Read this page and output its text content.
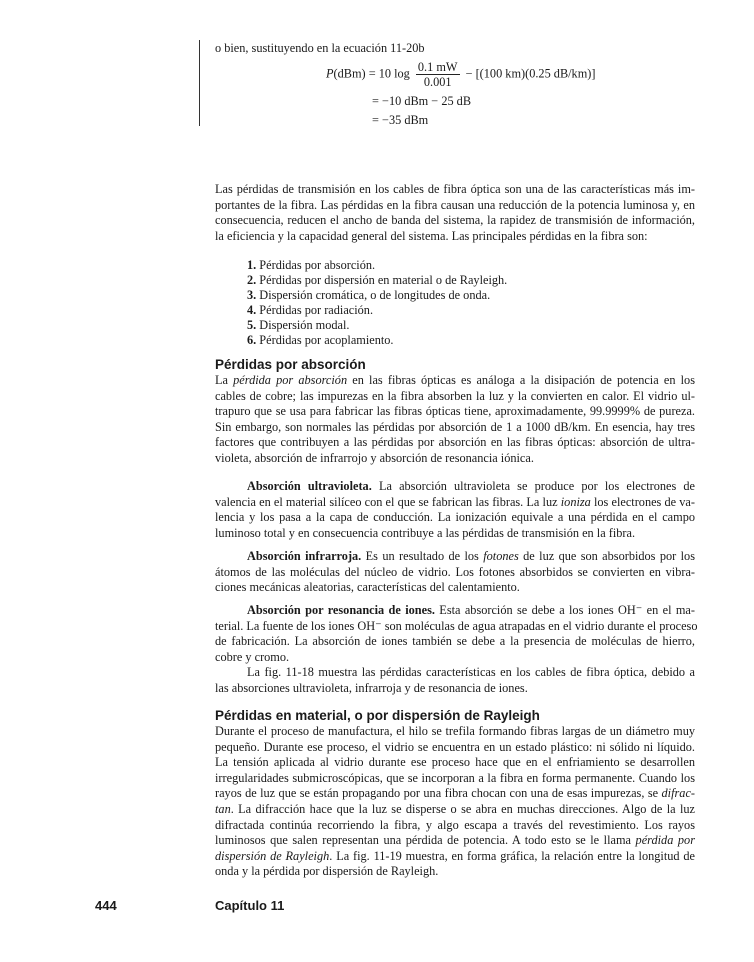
o bien, sustituyendo en la ecuación 11-20b
P(dBm) = 10 $\log \frac{0.1 mW}{0.001} - [(100$ km)(0.25 dB/km)]
= −10 dBm − 25 dB
= −35 dBm
Las pérdidas de transmisión en los cables de fibra óptica son una de las características más im-
portantes de la fibra. Las pérdidas en la fibra causan una reducción de la potencia luminosa y, en
consecuencia, reducen el ancho de banda del sistema, la rapidez de transmisión de información,
la eficiencia y la capacidad general del sistema. Las principales pérdidas en la fibra son:
1. Pérdidas por absorción.
2. Pérdidas por dispersión en material o de Rayleigh.
3. Dispersión cromática, o de longitudes de onda.
4. Pérdidas por radiación.
5. Dispersión modal.
6. Pérdidas por acoplamiento.
Pérdidas por absorción
La pérdida por absorción en las fibras ópticas es análoga a la disipación de potencia en los
cables de cobre; las impurezas en la fibra absorben la luz y la convierten en calor. El vidrio ul-
trapuro que se usa para fabricar las fibras ópticas tiene, aproximadamente, 99.9999% de pureza.
Sin embargo, son normales las pérdidas por absorción de 1 a 1000 dB/km. En esencia, hay tres
factores que contribuyen a las pérdidas por absorción en las fibras ópticas: absorción de ultra-
violeta, absorción de infrarrojo y absorción de resonancia iónica.
Absorción ultravioleta. La absorción ultravioleta se produce por los electrones de
valencia en el material silíceo con el que se fabrican las fibras. La luz ioniza los electrones de va-
lencia y los pasa a la capa de conducción. La ionización equivale a una pérdida en el campo
luminoso total y en consecuencia contribuye a las pérdidas de transmisión en la fibra.
Absorción infrarroja. Es un resultado de los fotones de luz que son absorbidos por los
átomos de las moléculas del núcleo de vidrio. Los fotones absorbidos se convierten en vibra-
ciones mecánicas aleatorias, características del calentamiento.
Absorción por resonancia de iones. Esta absorción se debe a los iones OH⁻ en el ma-
terial. La fuente de los iones OH⁻ son moléculas de agua atrapadas en el vidrio durante el proceso
de fabricación. La absorción de iones también se debe a la presencia de moléculas de hierro,
cobre y cromo.
La fig. 11-18 muestra las pérdidas características en los cables de fibra óptica, debido a
las absorciones ultravioleta, infrarroja y de resonancia de iones.
Pérdidas en material, o por dispersión de Rayleigh
Durante el proceso de manufactura, el hilo se trefila formando fibras largas de un diámetro muy
pequeño. Durante ese proceso, el vidrio se encuentra en un estado plástico: ni sólido ni líquido.
La tensión aplicada al vidrio durante ese proceso hace que en el enfriamiento se desarrollen
irregularidades submicroscópicas, que se incorporan a la fibra en forma permanente. Cuando los
rayos de luz que se están propagando por una fibra chocan con una de esas impurezas, se difrac-
tan. La difracción hace que la luz se disperse o se abra en muchas direcciones. Algo de la luz
difractada continúa recorriendo la fibra, y algo escapa a través del revestimiento. Los rayos
luminosos que salen representan una pérdida de potencia. A todo esto se le llama pérdida por
dispersión de Rayleigh. La fig. 11-19 muestra, en forma gráfica, la relación entre la longitud de
onda y la pérdida por dispersión de Rayleigh.
444	Capítulo 11
